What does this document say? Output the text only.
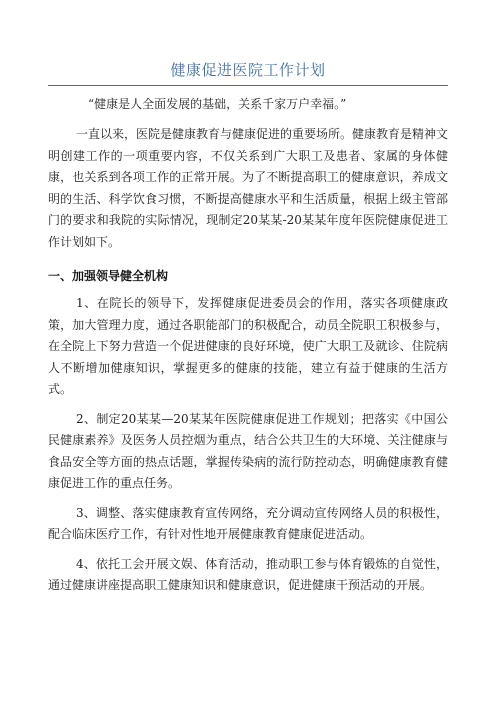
健康促进医院工作计划

“健康是人全面发展的基础，关系千家万户幸福。”

一直以来，医院是健康教育与健康促进的重要场所。健康教育是精神文明创建工作的一项重要内容，不仅关系到广大职工及患者、家属的身体健康，也关系到各项工作的正常开展。为了不断提高职工的健康意识，养成文明的生活、科学饮食习惯，不断提高健康水平和生活质量，根据上级主管部门的要求和我院的实际情况，现制定20某某-20某某年度年医院健康促进工作计划如下。

一、加强领导健全机构

1、在院长的领导下，发挥健康促进委员会的作用，落实各项健康政策，加大管理力度，通过各职能部门的积极配合，动员全院职工积极参与，在全院上下努力营造一个促进健康的良好环境，使广大职工及就诊、住院病人不断增加健康知识，掌握更多的健康的技能，建立有益于健康的生活方式。

2、制定20某某—20某某年医院健康促进工作规划；把落实《中国公民健康素养》及医务人员控烟为重点，结合公共卫生的大环境、关注健康与食品安全等方面的热点话题，掌握传染病的流行防控动态，明确健康教育健康促进工作的重点任务。

3、调整、落实健康教育宣传网络，充分调动宣传网络人员的积极性，配合临床医疗工作，有针对性地开展健康教育健康促进活动。

4、依托工会开展文娱、体育活动，推动职工参与体育锻炼的自觉性，通过健康讲座提高职工健康知识和健康意识，促进健康干预活动的开展。
